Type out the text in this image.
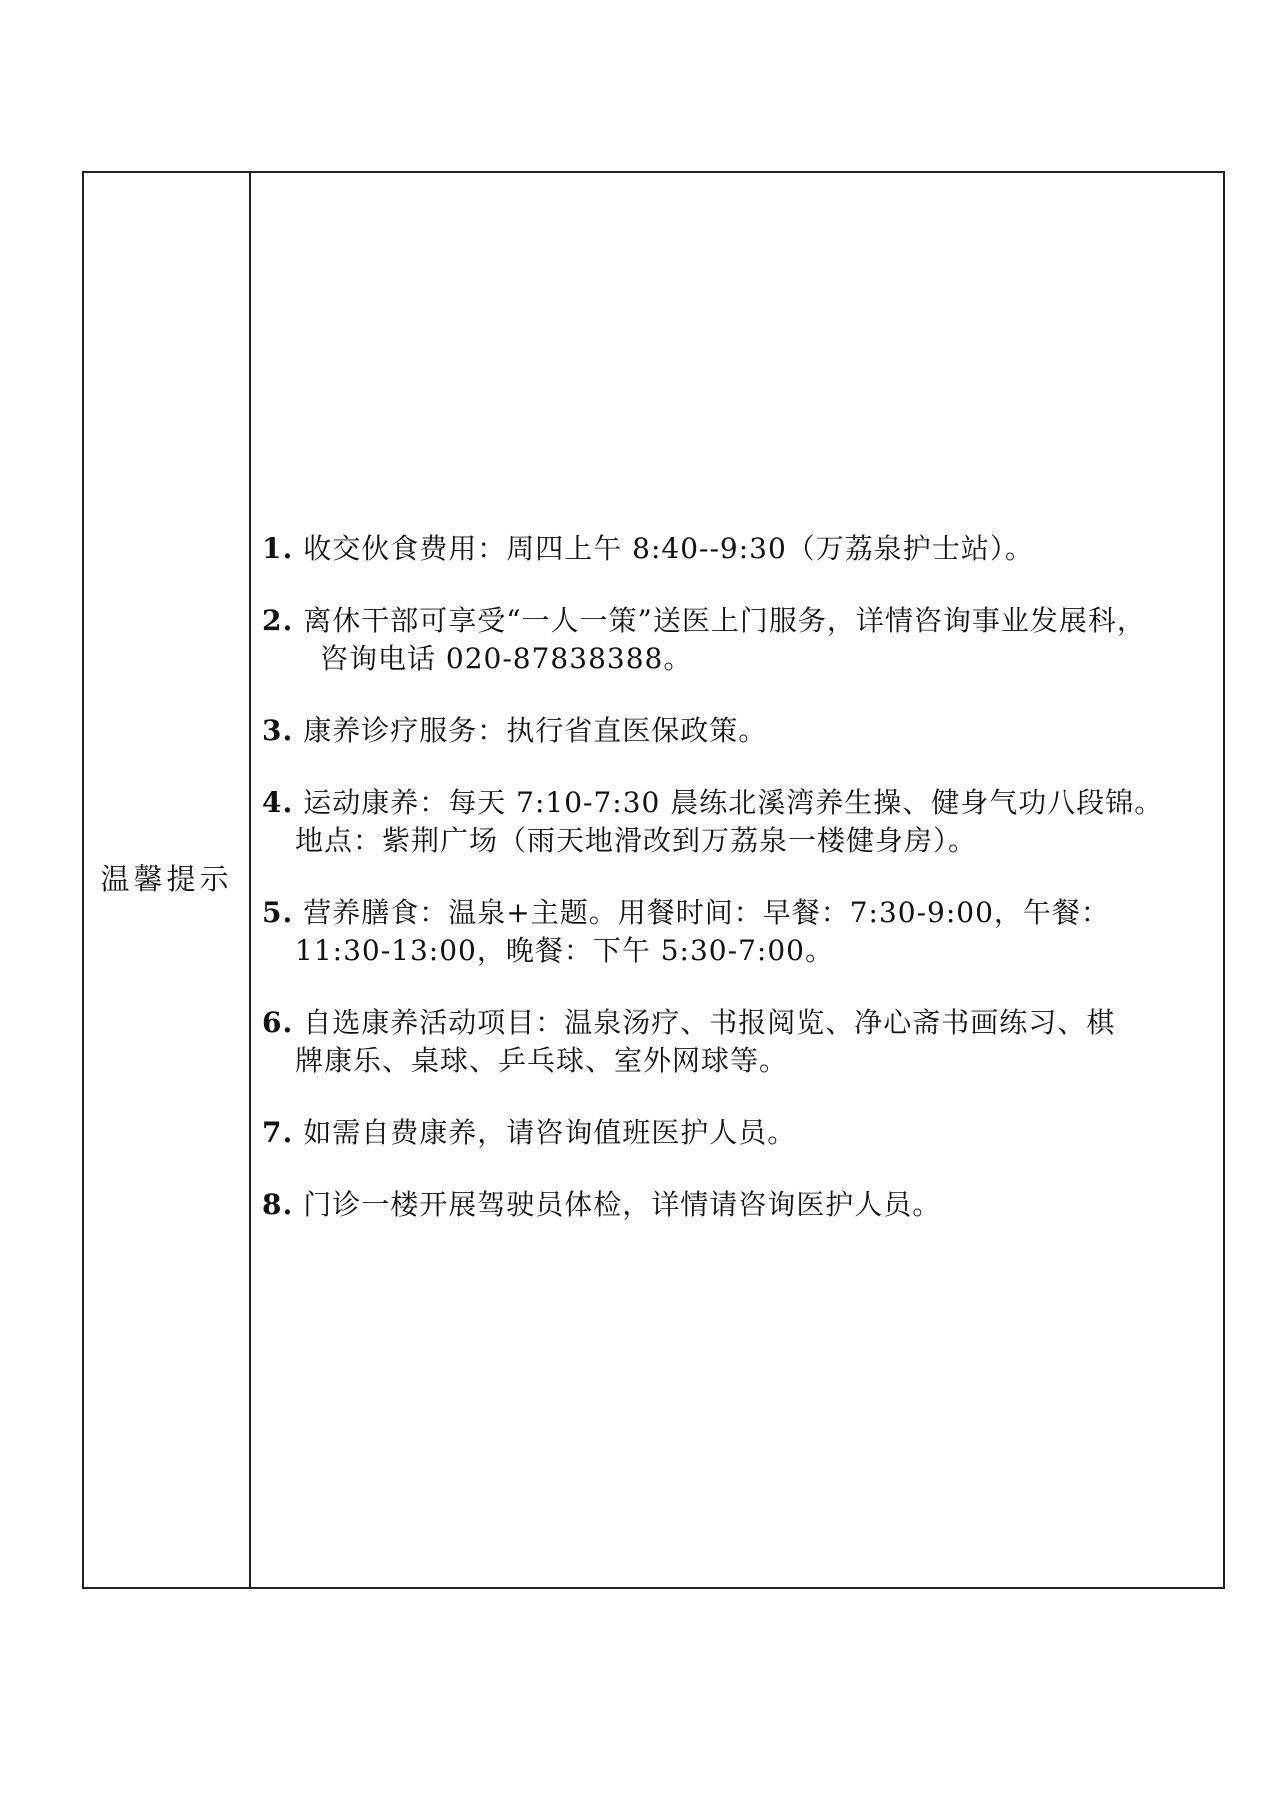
温馨提示
1. 收交伙食费用：周四上午 8:40--9:30（万荔泉护士站）。
2. 离休干部可享受“一人一策”送医上门服务，详情咨询事业发展科，
咨询电话 020-87838388。
3. 康养诊疗服务：执行省直医保政策。
4. 运动康养：每天 7:10-7:30 晨练北溪湾养生操、健身气功八段锦。
地点：紫荆广场（雨天地滑改到万荔泉一楼健身房）。
5. 营养膳食：温泉+主题。用餐时间：早餐：7:30-9:00，午餐：
11:30-13:00，晚餐：下午 5:30-7:00。
6. 自选康养活动项目：温泉汤疗、书报阅览、净心斋书画练习、棋
牌康乐、桌球、乒乓球、室外网球等。
7. 如需自费康养，请咨询值班医护人员。
8. 门诊一楼开展驾驶员体检，详情请咨询医护人员。
